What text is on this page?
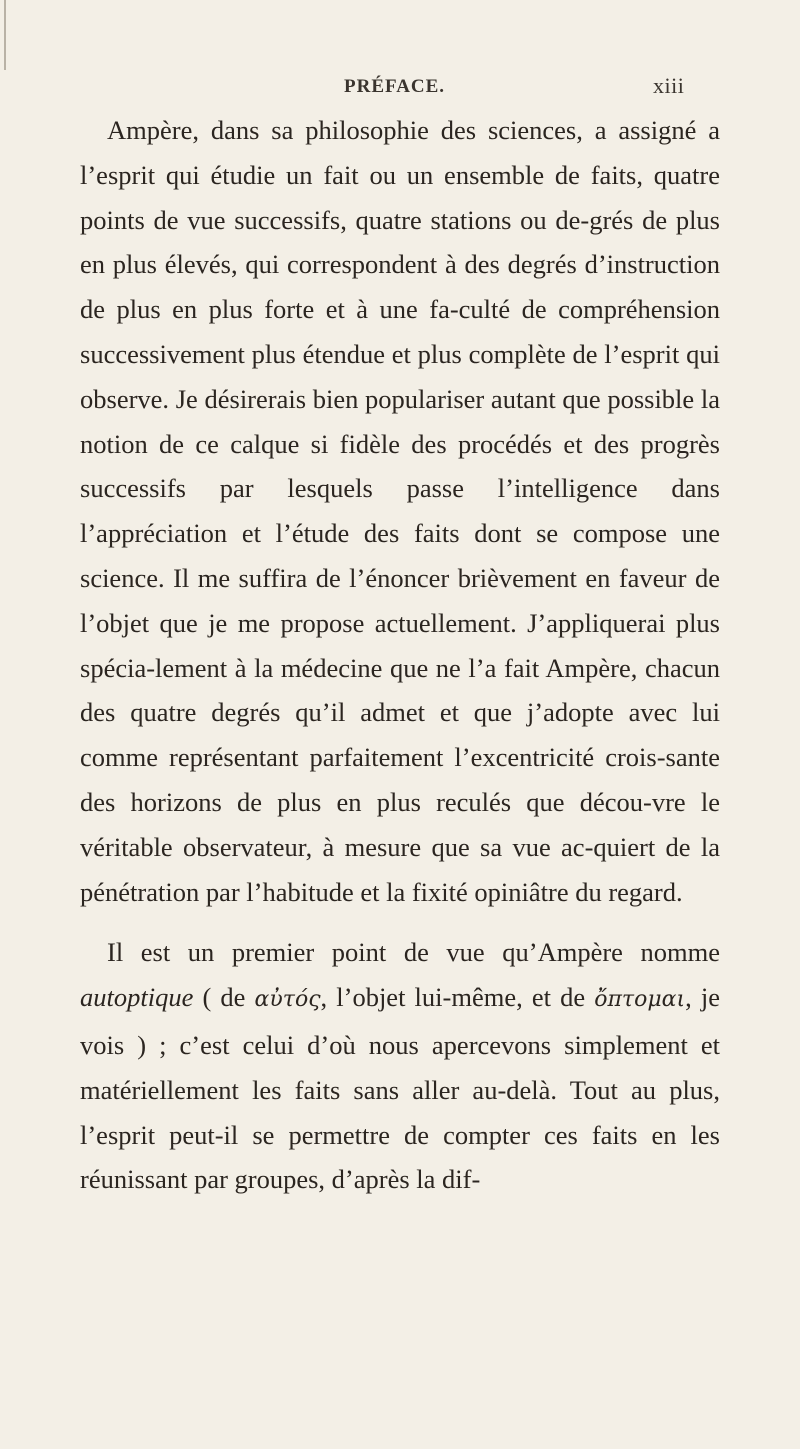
PRÉFACE.	xiii

Ampère, dans sa philosophie des sciences, a assigné a l’esprit qui étudie un fait ou un ensemble de faits, quatre points de vue successifs, quatre stations ou de-grés de plus en plus élevés, qui correspondent à des degrés d’instruction de plus en plus forte et à une fa-culté de compréhension successivement plus étendue et plus complète de l’esprit qui observe. Je désirerais bien populariser autant que possible la notion de ce calque si fidèle des procédés et des progrès successifs par lesquels passe l’intelligence dans l’appréciation et l’étude des faits dont se compose une science. Il me suffira de l’énoncer brièvement en faveur de l’objet que je me propose actuellement. J’appliquerai plus spécia-lement à la médecine que ne l’a fait Ampère, chacun des quatre degrés qu’il admet et que j’adopte avec lui comme représentant parfaitement l’excentricité crois-sante des horizons de plus en plus reculés que décou-vre le véritable observateur, à mesure que sa vue ac-quiert de la pénétration par l’habitude et la fixité opiniâtre du regard.

Il est un premier point de vue qu’Ampère nomme autoptique ( de αὐτός, l’objet lui-même, et de ὄπτομαι, je vois ) ; c’est celui d’où nous apercevons simplement et matériellement les faits sans aller au-delà. Tout au plus, l’esprit peut-il se permettre de compter ces faits en les réunissant par groupes, d’après la dif-
